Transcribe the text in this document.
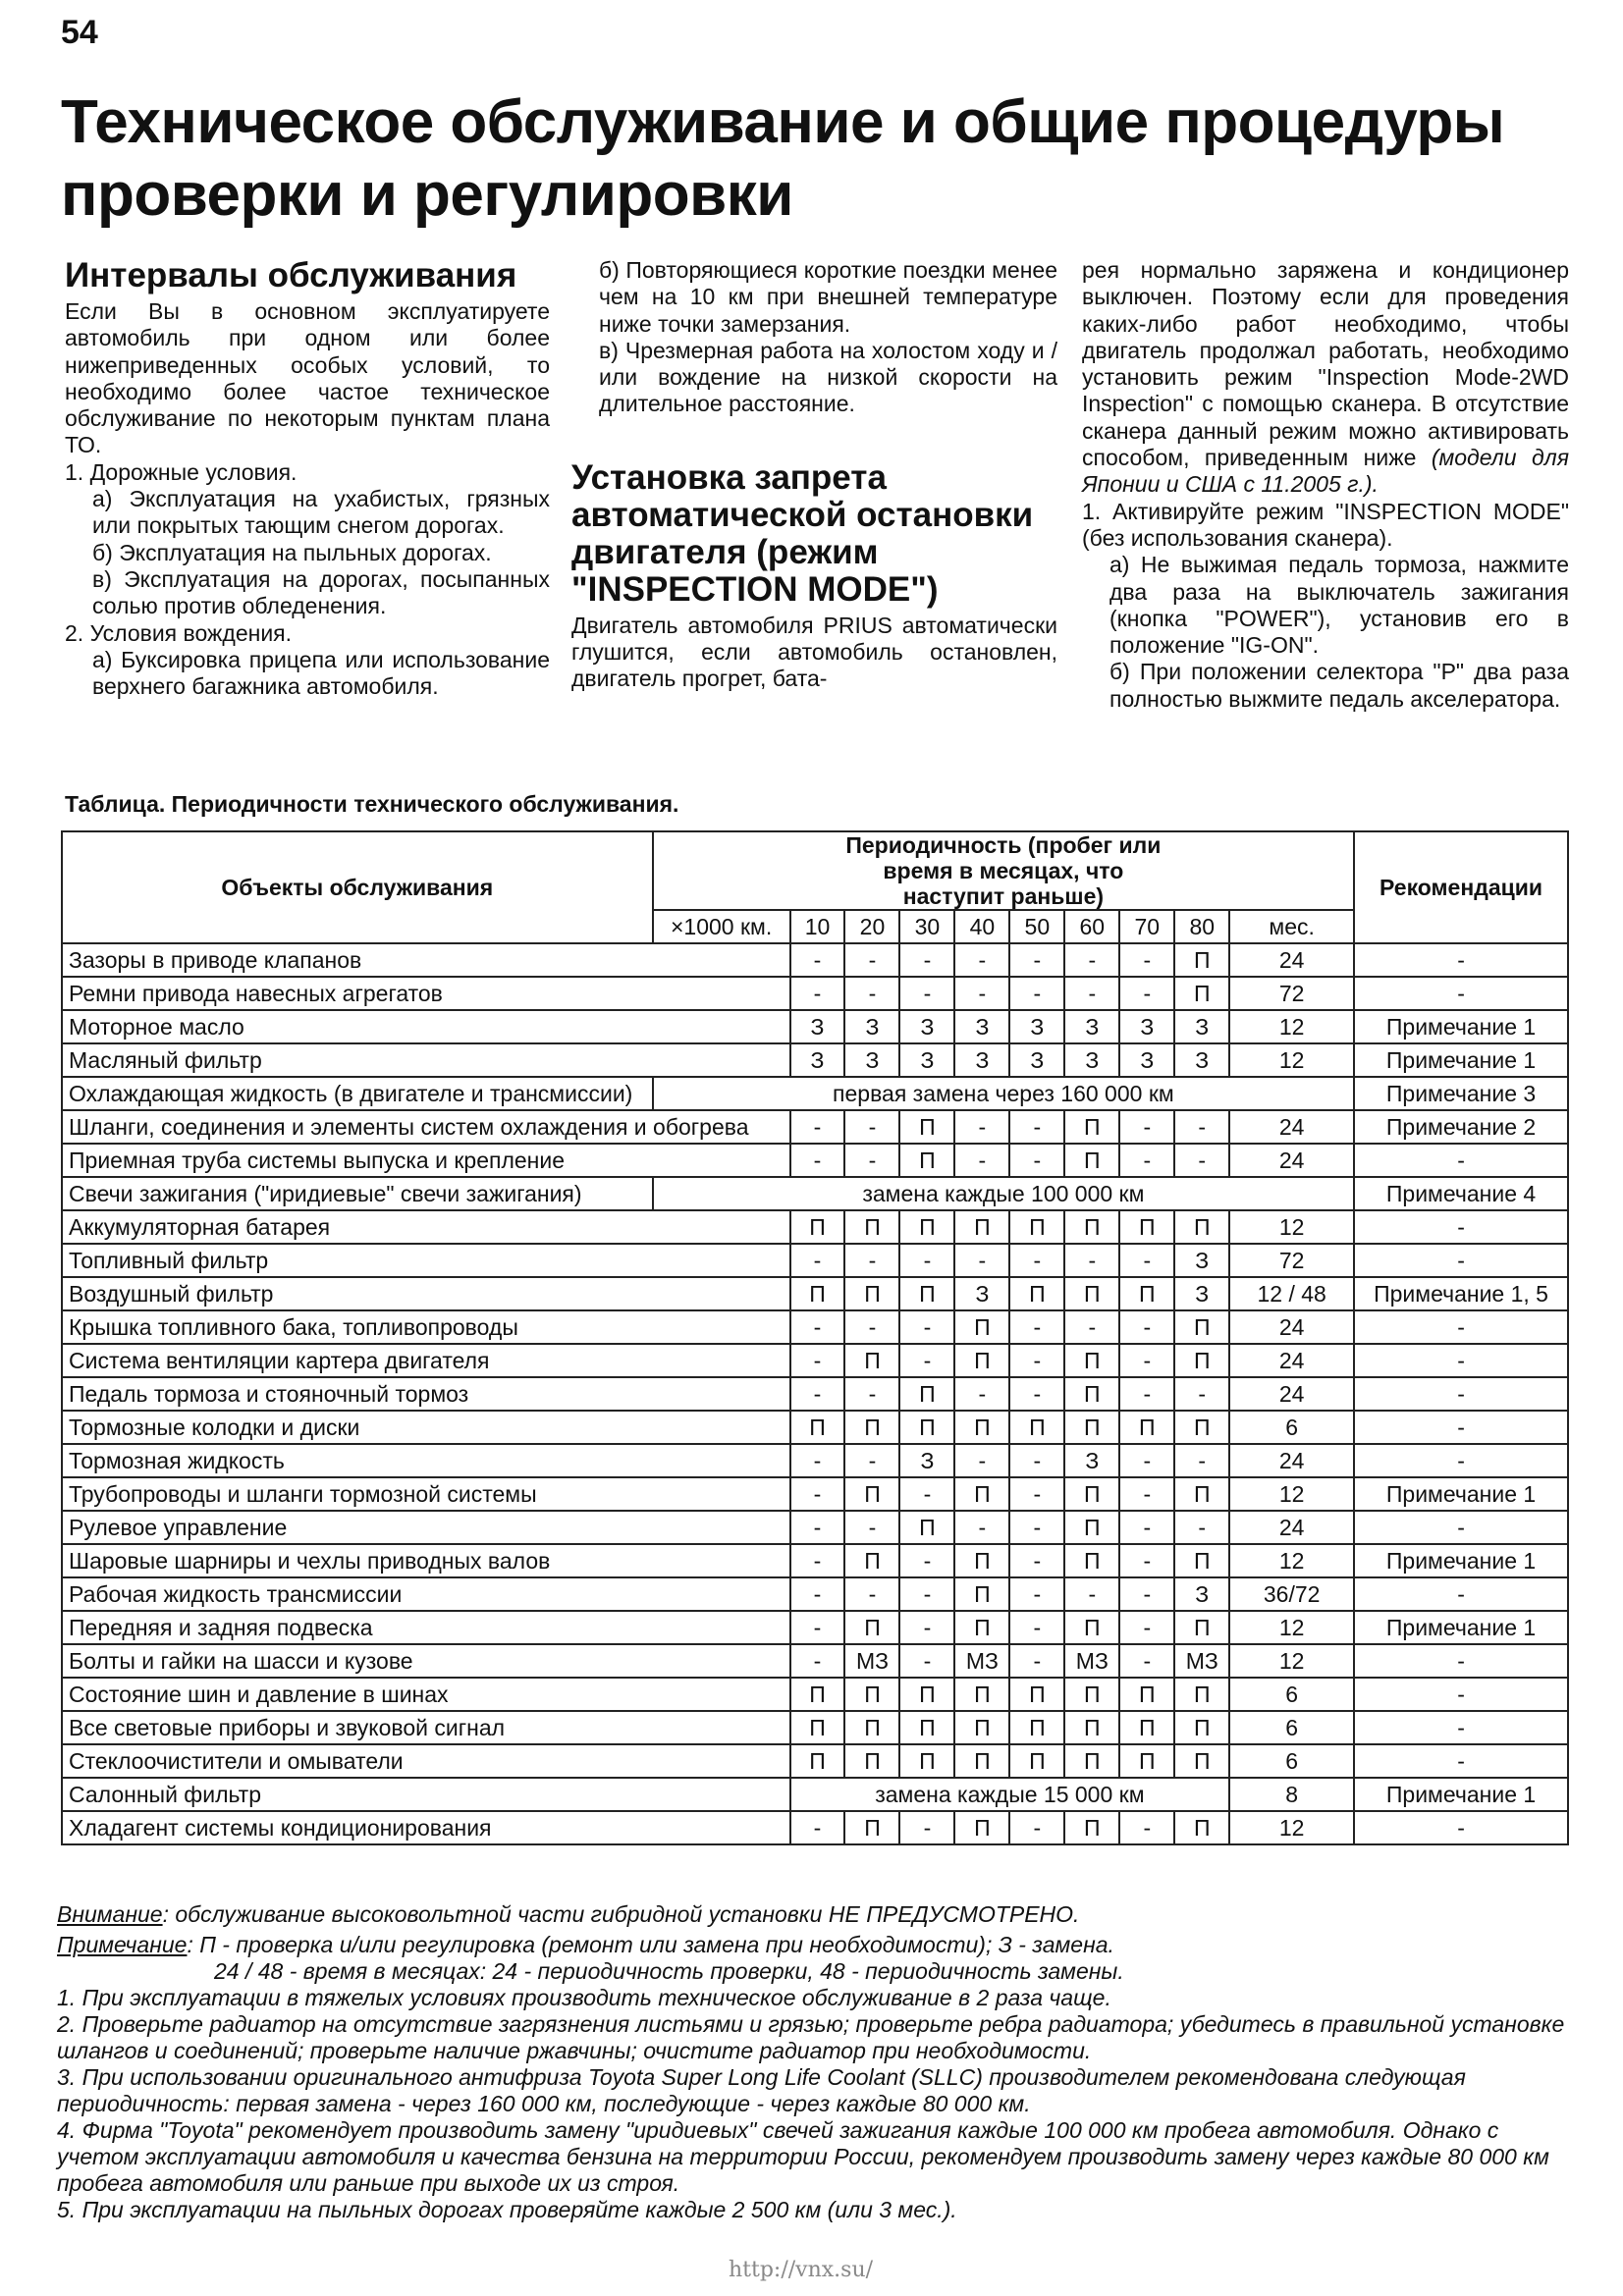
54
Техническое обслуживание и общие процедуры проверки и регулировки
Интервалы обслуживания

Если Вы в основном эксплуатируете автомобиль при одном или более нижеприведенных особых условий, то необходимо более частое техническое обслуживание по некоторым пунктам плана ТО.

1. Дорожные условия.

а) Эксплуатация на ухабистых, грязных или покрытых тающим снегом дорогах.

б) Эксплуатация на пыльных дорогах.

в) Эксплуатация на дорогах, посыпанных солью против обледенения.

2. Условия вождения.

а) Буксировка прицепа или использование верхнего багажника автомобиля.

б) Повторяющиеся короткие поездки менее чем на 10 км при внешней температуре ниже точки замерзания.

в) Чрезмерная работа на холостом ходу и / или вождение на низкой скорости на длительное расстояние.

Установка запрета автоматической остановки двигателя (режим "INSPECTION MODE")

Двигатель автомобиля PRIUS автоматически глушится, если автомобиль остановлен, двигатель прогрет, бата-

рея нормально заряжена и кондиционер выключен. Поэтому если для проведения каких-либо работ необходимо, чтобы двигатель продолжал работать, необходимо установить режим "Inspection Mode-2WD Inspection" с помощью сканера. В отсутствие сканера данный режим можно активировать способом, приведенным ниже (модели для Японии и США с 11.2005 г.).

1. Активируйте режим "INSPECTION MODE" (без использования сканера).

а) Не выжимая педаль тормоза, нажмите два раза на выключатель зажигания (кнопка "POWER"), установив его в положение "IG-ON".

б) При положении селектора "P" два раза полностью выжмите педаль акселератора.

Таблица. Периодичности технического обслуживания.
Объекты обслуживания	Периодичность (пробег или время в месяцах, что наступит раньше)										Рекомендации
	×1000 км.	10	20	30	40	50	60	70	80	мес.	
Зазоры в приводе клапанов		-	-	-	-	-	-	-	П	24	-
Ремни привода навесных агрегатов		-	-	-	-	-	-	-	П	72	-
Моторное масло		З	З	З	З	З	З	З	З	12	Примечание 1
Масляный фильтр		З	З	З	З	З	З	З	З	12	Примечание 1
Охлаждающая жидкость (в двигателе и трансмиссии)	первая замена через 160 000 км										Примечание 3
Шланги, соединения и элементы систем охлаждения и обогрева		-	-	П	-	-	П	-	-	24	Примечание 2
Приемная труба системы выпуска и крепление		-	-	П	-	-	П	-	-	24	-
Свечи зажигания ("иридиевые" свечи зажигания)	замена каждые 100 000 км										Примечание 4
Аккумуляторная батарея		П	П	П	П	П	П	П	П	12	-
Топливный фильтр		-	-	-	-	-	-	-	З	72	-
Воздушный фильтр		П	П	П	З	П	П	П	З	12 / 48	Примечание 1, 5
Крышка топливного бака, топливопроводы		-	-	-	П	-	-	-	П	24	-
Система вентиляции картера двигателя		-	П	-	П	-	П	-	П	24	-
Педаль тормоза и стояночный тормоз		-	-	П	-	-	П	-	-	24	-
Тормозные колодки и диски		П	П	П	П	П	П	П	П	6	-
Тормозная жидкость		-	-	З	-	-	З	-	-	24	-
Трубопроводы и шланги тормозной системы		-	П	-	П	-	П	-	П	12	Примечание 1
Рулевое управление		-	-	П	-	-	П	-	-	24	-
Шаровые шарниры и чехлы приводных валов		-	П	-	П	-	П	-	П	12	Примечание 1
Рабочая жидкость трансмиссии		-	-	-	П	-	-	-	З	36/72	-
Передняя и задняя подвеска		-	П	-	П	-	П	-	П	12	Примечание 1
Болты и гайки на шасси и кузове		-	МЗ	-	МЗ	-	МЗ	-	МЗ	12	-
Состояние шин и давление в шинах		П	П	П	П	П	П	П	П	6	-
Все световые приборы и звуковой сигнал		П	П	П	П	П	П	П	П	6	-
Стеклоочистители и омыватели		П	П	П	П	П	П	П	П	6	-
Салонный фильтр		замена каждые 15 000 км								8	Примечание 1
Хладагент системы кондиционирования		-	П	-	П	-	П	-	П	12	-

Внимание: обслуживание высоковольтной части гибридной установки НЕ ПРЕДУСМОТРЕНО.

Примечание: П - проверка и/или регулировка (ремонт или замена при необходимости); З - замена.

24 / 48 - время в месяцах: 24 - периодичность проверки, 48 - периодичность замены.

1. При эксплуатации в тяжелых условиях производить техническое обслуживание в 2 раза чаще.

2. Проверьте радиатор на отсутствие загрязнения листьями и грязью; проверьте ребра радиатора; убедитесь в правильной установке шлангов и соединений; проверьте наличие ржавчины; очистите радиатор при необходимости.

3. При использовании оригинального антифриза Toyota Super Long Life Coolant (SLLC) производителем рекомендована следующая периодичность: первая замена - через 160 000 км, последующие - через каждые 80 000 км.

4. Фирма "Toyota" рекомендует производить замену "иридиевых" свечей зажигания каждые 100 000 км пробега автомобиля. Однако с учетом эксплуатации автомобиля и качества бензина на территории России, рекомендуем производить замену через каждые 80 000 км пробега автомобиля или раньше при выходе их из строя.

5. При эксплуатации на пыльных дорогах проверяйте каждые 2 500 км (или 3 мес.).

http://vnx.su/
